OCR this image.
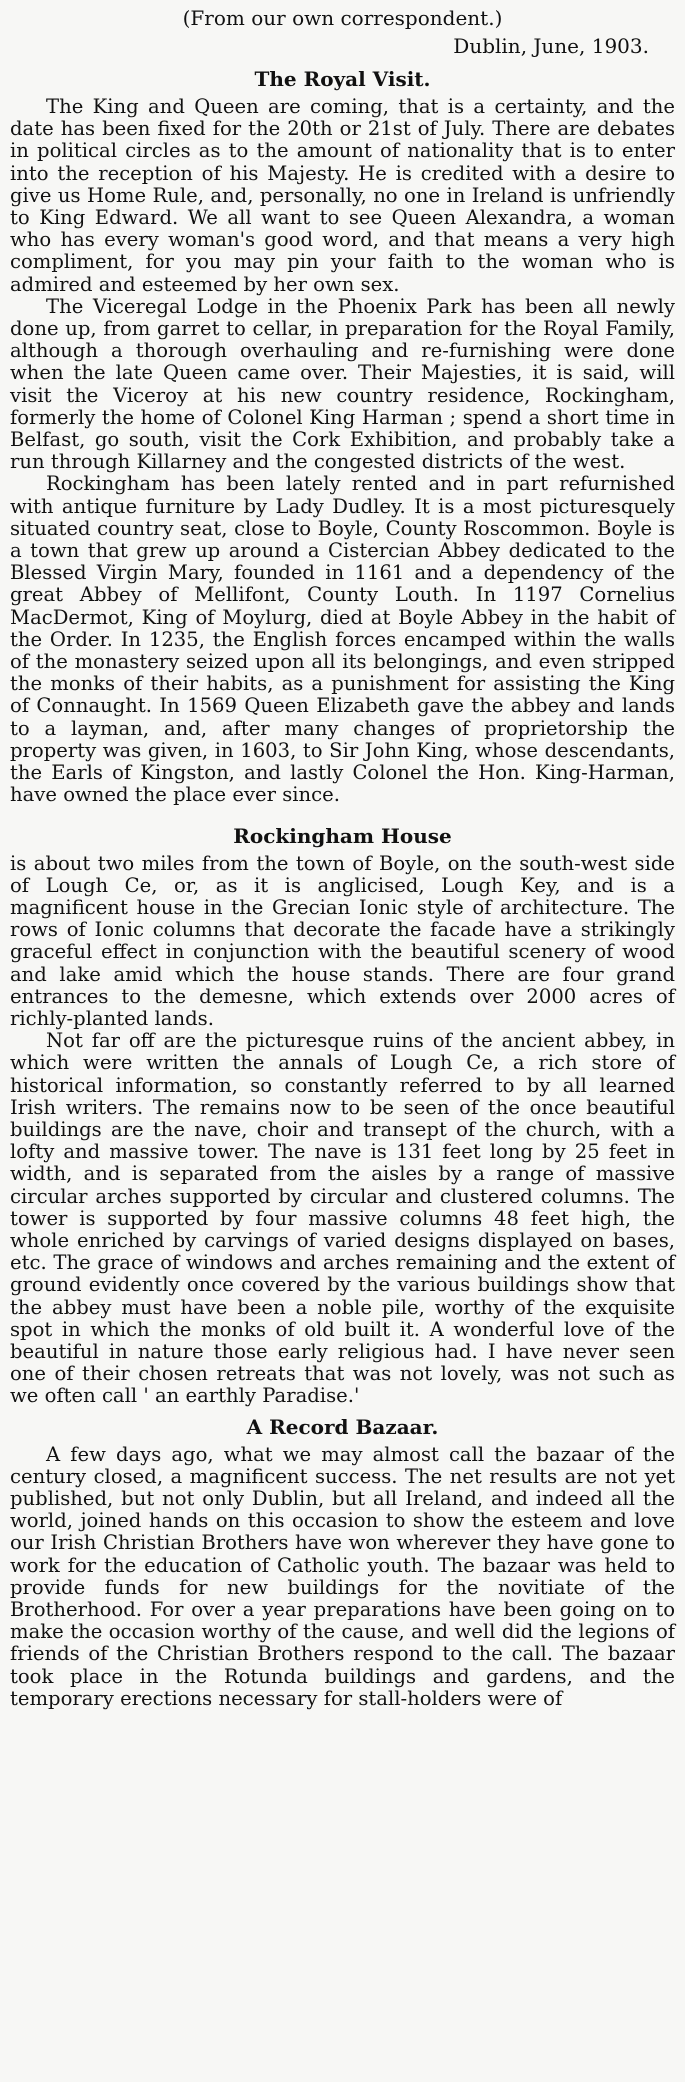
(From our own correspondent.)

Dublin, June, 1903.

The Royal Visit.

The King and Queen are coming, that is a certainty, and the date has been fixed for the 20th or 21st of July. There are debates in political circles as to the amount of nationality that is to enter into the reception of his Majesty. He is credited with a desire to give us Home Rule, and, personally, no one in Ireland is unfriendly to King Edward. We all want to see Queen Alexandra, a woman who has every woman's good word, and that means a very high compliment, for you may pin your faith to the woman who is admired and esteemed by her own sex.

The Viceregal Lodge in the Phoenix Park has been all newly done up, from garret to cellar, in preparation for the Royal Family, although a thorough overhauling and re-furnishing were done when the late Queen came over. Their Majesties, it is said, will visit the Viceroy at his new country residence, Rockingham, formerly the home of Colonel King Harman ; spend a short time in Belfast, go south, visit the Cork Exhibition, and probably take a run through Killarney and the congested districts of the west.

Rockingham has been lately rented and in part refurnished with antique furniture by Lady Dudley. It is a most picturesquely situated country seat, close to Boyle, County Roscommon. Boyle is a town that grew up around a Cistercian Abbey dedicated to the Blessed Virgin Mary, founded in 1161 and a dependency of the great Abbey of Mellifont, County Louth. In 1197 Cornelius MacDermot, King of Moylurg, died at Boyle Abbey in the habit of the Order. In 1235, the English forces encamped within the walls of the monastery seized upon all its belongings, and even stripped the monks of their habits, as a punishment for assisting the King of Connaught. In 1569 Queen Elizabeth gave the abbey and lands to a layman, and, after many changes of proprietorship the property was given, in 1603, to Sir John King, whose descendants, the Earls of Kingston, and lastly Colonel the Hon. King-Harman, have owned the place ever since.

Rockingham House

is about two miles from the town of Boyle, on the south-west side of Lough Ce, or, as it is anglicised, Lough Key, and is a magnificent house in the Grecian Ionic style of architecture. The rows of Ionic columns that decorate the facade have a strikingly graceful effect in conjunction with the beautiful scenery of wood and lake amid which the house stands. There are four grand entrances to the demesne, which extends over 2000 acres of richly-planted lands.

Not far off are the picturesque ruins of the ancient abbey, in which were written the annals of Lough Ce, a rich store of historical information, so constantly referred to by all learned Irish writers. The remains now to be seen of the once beautiful buildings are the nave, choir and transept of the church, with a lofty and massive tower. The nave is 131 feet long by 25 feet in width, and is separated from the aisles by a range of massive circular arches supported by circular and clustered columns. The tower is supported by four massive columns 48 feet high, the whole enriched by carvings of varied designs displayed on bases, etc. The grace of windows and arches remaining and the extent of ground evidently once covered by the various buildings show that the abbey must have been a noble pile, worthy of the exquisite spot in which the monks of old built it. A wonderful love of the beautiful in nature those early religious had. I have never seen one of their chosen retreats that was not lovely, was not such as we often call ' an earthly Paradise.'

A Record Bazaar.

A few days ago, what we may almost call the bazaar of the century closed, a magnificent success. The net results are not yet published, but not only Dublin, but all Ireland, and indeed all the world, joined hands on this occasion to show the esteem and love our Irish Christian Brothers have won wherever they have gone to work for the education of Catholic youth. The bazaar was held to provide funds for new buildings for the novitiate of the Brotherhood. For over a year preparations have been going on to make the occasion worthy of the cause, and well did the legions of friends of the Christian Brothers respond to the call. The bazaar took place in the Rotunda buildings and gardens, and the temporary erections necessary for stall-holders were of
